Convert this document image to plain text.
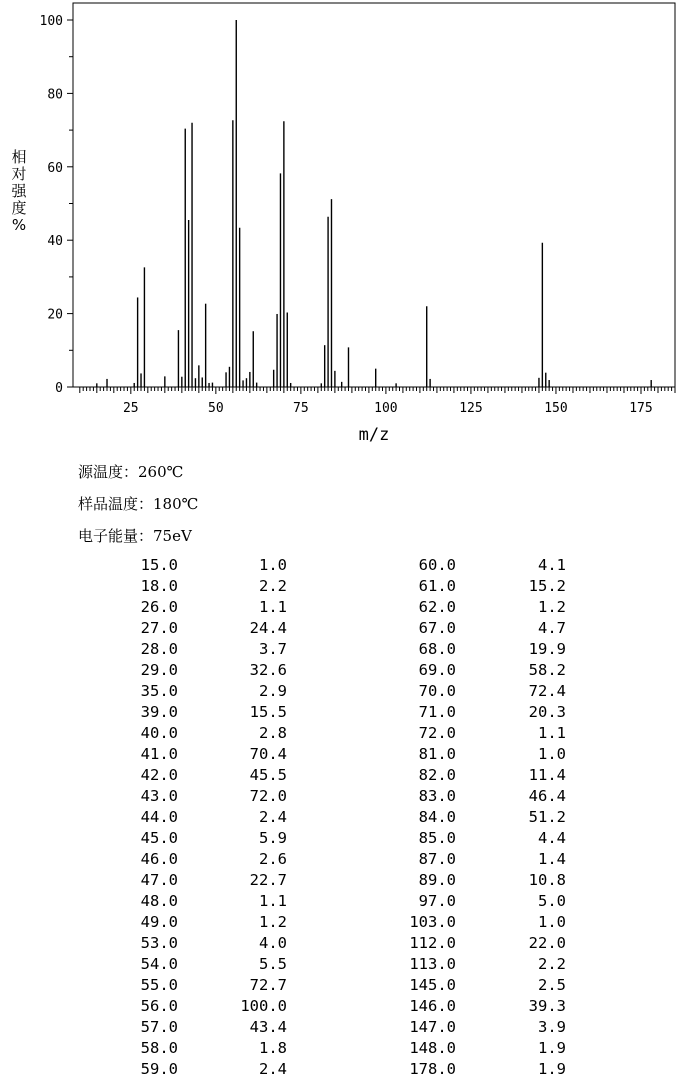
0
20
40
60
80
100
25	50	75	100	125	150	175
m/z
相
对
强
度
%
源温度：260℃
样品温度：180℃
电子能量：75eV
15.0	1.0
18.0	2.2
26.0	1.1
27.0	24.4
28.0	3.7
29.0	32.6
35.0	2.9
39.0	15.5
40.0	2.8
41.0	70.4
42.0	45.5
43.0	72.0
44.0	2.4
45.0	5.9
46.0	2.6
47.0	22.7
48.0	1.1
49.0	1.2
53.0	4.0
54.0	5.5
55.0	72.7
56.0	100.0
57.0	43.4
58.0	1.8
59.0	2.4
60.0	4.1
61.0	15.2
62.0	1.2
67.0	4.7
68.0	19.9
69.0	58.2
70.0	72.4
71.0	20.3
72.0	1.1
81.0	1.0
82.0	11.4
83.0	46.4
84.0	51.2
85.0	4.4
87.0	1.4
89.0	10.8
97.0	5.0
103.0	1.0
112.0	22.0
113.0	2.2
145.0	2.5
146.0	39.3
147.0	3.9
148.0	1.9
178.0	1.9
